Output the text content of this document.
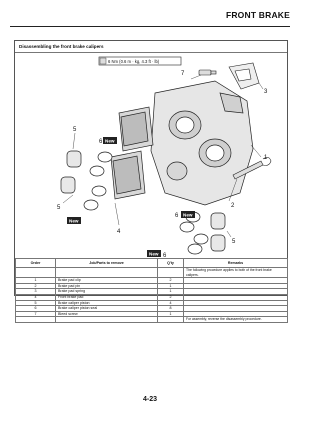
FRONT BRAKE
Disassembling the front brake calipers
6 Nm (0.6 m · kg, 4.3 ft · lb)
1
2
3
4
5
5
5
6
6
6
7
New
New
New
New
Order	Job/Parts to remove	Q'ty	Remarks
			The following procedure applies to both of the front brake calipers.
1	Brake pad clip	2	
2	Brake pad pin	1	
3	Brake pad spring	1	
4	Front brake pad	2	
5	Brake caliper piston	4	
6	Brake caliper piston seal	8	
7	Bleed screw	1	
			For assembly, reverse the disassembly procedure.
4-23
